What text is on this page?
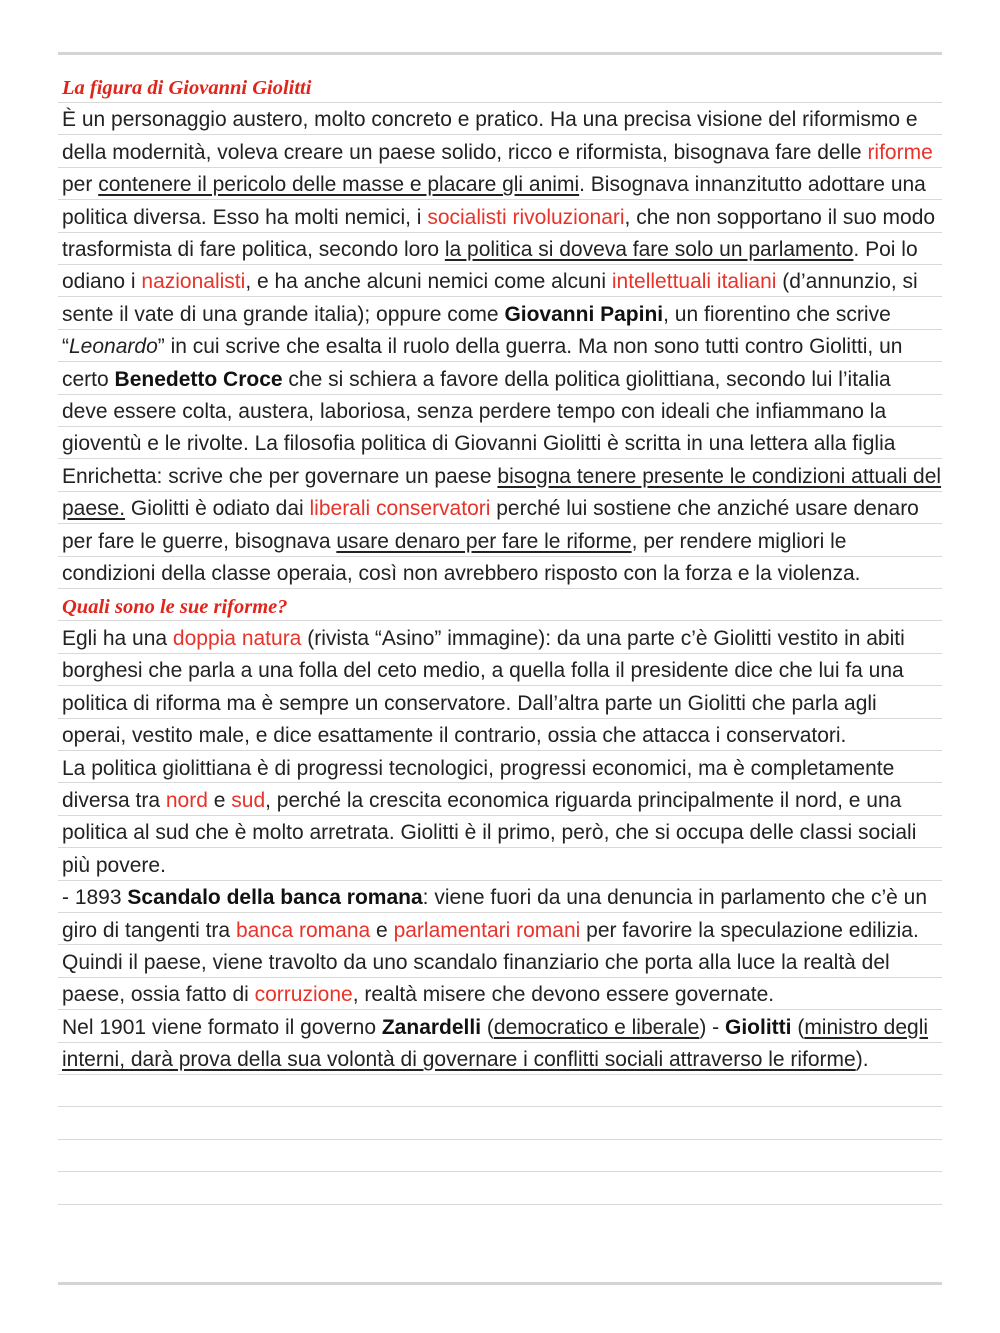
La figura di Giovanni Giolitti

È un personaggio austero, molto concreto e pratico. Ha una precisa visione del riformismo e della modernità, voleva creare un paese solido, ricco e riformista, bisognava fare delle riforme per contenere il pericolo delle masse e placare gli animi. Bisognava innanzitutto adottare una politica diversa. Esso ha molti nemici, i socialisti rivoluzionari, che non sopportano il suo modo trasformista di fare politica, secondo loro la politica si doveva fare solo un parlamento. Poi lo odiano i nazionalisti, e ha anche alcuni nemici come alcuni intellettuali italiani (d’annunzio, si sente il vate di una grande italia); oppure come Giovanni Papini, un fiorentino che scrive “Leonardo” in cui scrive che esalta il ruolo della guerra. Ma non sono tutti contro Giolitti, un certo Benedetto Croce che si schiera a favore della politica giolittiana, secondo lui l’italia deve essere colta, austera, laboriosa, senza perdere tempo con ideali che infiammano la gioventù e le rivolte. La filosofia politica di Giovanni Giolitti è scritta in una lettera alla figlia Enrichetta: scrive che per governare un paese bisogna tenere presente le condizioni attuali del paese. Giolitti è odiato dai liberali conservatori perché lui sostiene che anziché usare denaro per fare le guerre, bisognava usare denaro per fare le riforme, per rendere migliori le condizioni della classe operaia, così non avrebbero risposto con la forza e la violenza.

Quali sono le sue riforme?

Egli ha una doppia natura (rivista “Asino” immagine): da una parte c’è Giolitti vestito in abiti borghesi che parla a una folla del ceto medio, a quella folla il presidente dice che lui fa una politica di riforma ma è sempre un conservatore. Dall’altra parte un Giolitti che parla agli operai, vestito male, e dice esattamente il contrario, ossia che attacca i conservatori.

La politica giolittiana è di progressi tecnologici, progressi economici, ma è completamente diversa tra nord e sud, perché la crescita economica riguarda principalmente il nord, e una politica al sud che è molto arretrata. Giolitti è il primo, però, che si occupa delle classi sociali più povere.

- 1893 Scandalo della banca romana: viene fuori da una denuncia in parlamento che c’è un giro di tangenti tra banca romana e parlamentari romani per favorire la speculazione edilizia. Quindi il paese, viene travolto da uno scandalo finanziario che porta alla luce la realtà del paese, ossia fatto di corruzione, realtà misere che devono essere governate.

Nel 1901 viene formato il governo Zanardelli (democratico e liberale) - Giolitti (ministro degli interni, darà prova della sua volontà di governare i conflitti sociali attraverso le riforme).
